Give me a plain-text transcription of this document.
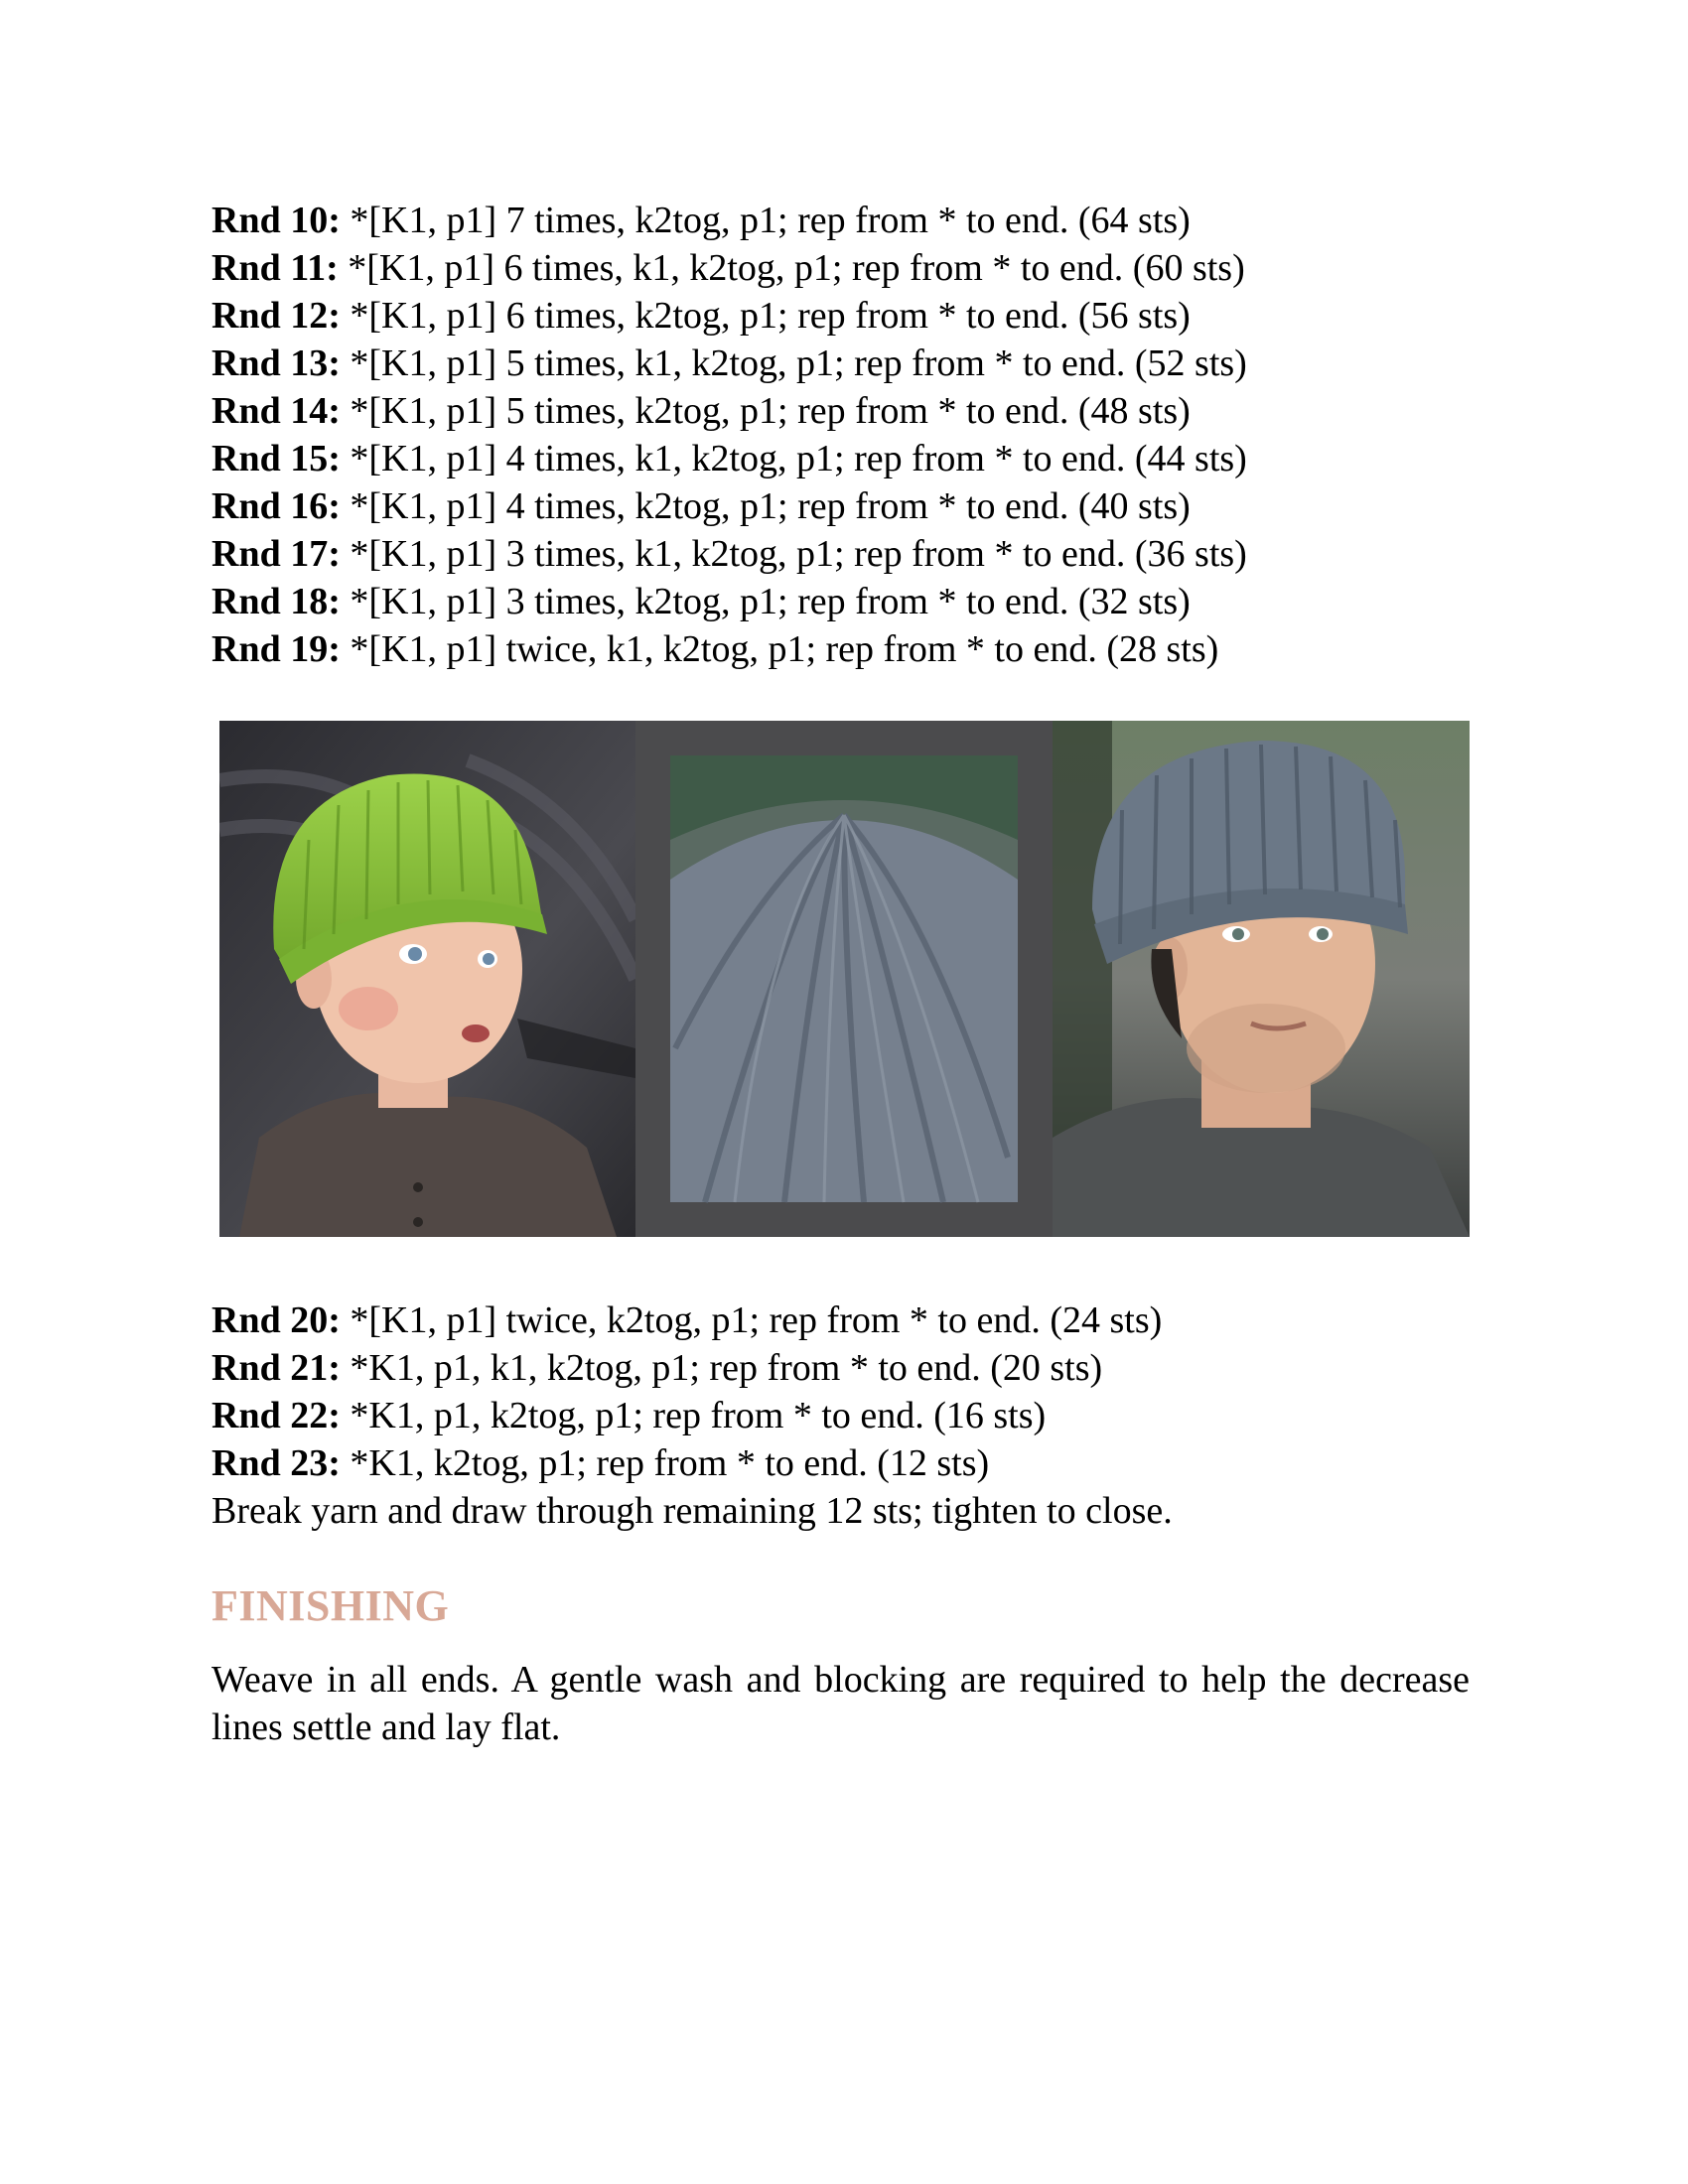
Rnd 10: *[K1, p1] 7 times, k2tog, p1; rep from * to end. (64 sts)
Rnd 11: *[K1, p1] 6 times, k1, k2tog, p1; rep from * to end. (60 sts)
Rnd 12: *[K1, p1] 6 times, k2tog, p1; rep from * to end. (56 sts)
Rnd 13: *[K1, p1] 5 times, k1, k2tog, p1; rep from * to end. (52 sts)
Rnd 14: *[K1, p1] 5 times, k2tog, p1; rep from * to end. (48 sts)
Rnd 15: *[K1, p1] 4 times, k1, k2tog, p1; rep from * to end. (44 sts)
Rnd 16: *[K1, p1] 4 times, k2tog, p1; rep from * to end. (40 sts)
Rnd 17: *[K1, p1] 3 times, k1, k2tog, p1; rep from * to end. (36 sts)
Rnd 18: *[K1, p1] 3 times, k2tog, p1; rep from * to end. (32 sts)
Rnd 19: *[K1, p1] twice, k1, k2tog, p1; rep from * to end. (28 sts)
Rnd 20: *[K1, p1] twice, k2tog, p1; rep from * to end. (24 sts)
Rnd 21: *K1, p1, k1, k2tog, p1; rep from * to end. (20 sts)
Rnd 22: *K1, p1, k2tog, p1; rep from * to end. (16 sts)
Rnd 23: *K1, k2tog, p1; rep from * to end. (12 sts)
Break yarn and draw through remaining 12 sts; tighten to close.
FINISHING
Weave in all ends. A gentle wash and blocking are required to help the decrease lines settle and lay flat.
